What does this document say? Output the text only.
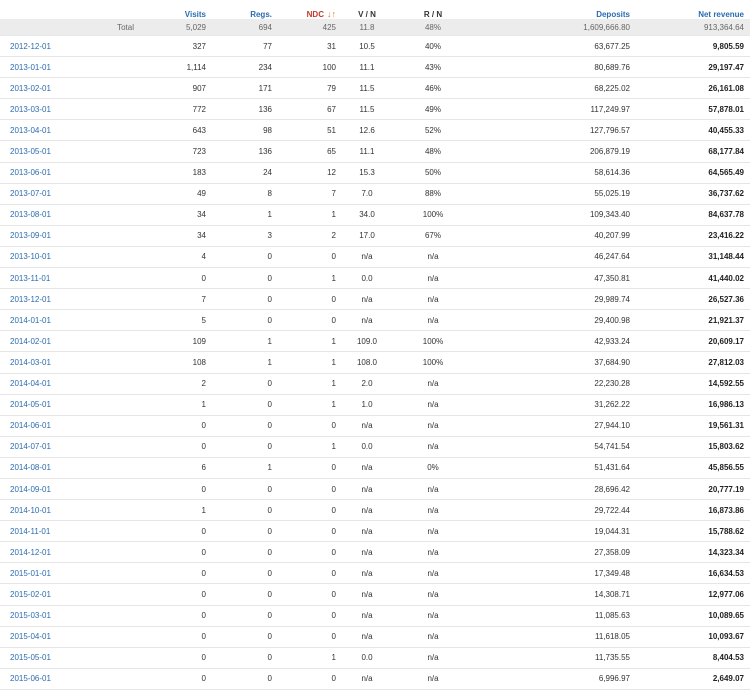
	Visits	Regs.	NDC ↓↑	V / N	R / N	Deposits	Net revenue
Total	5,029	694	425	11.8	48%	1,609,666.80	913,364.64
2012-12-01	327	77	31	10.5	40%	63,677.25	9,805.59
2013-01-01	1,114	234	100	11.1	43%	80,689.76	29,197.47
2013-02-01	907	171	79	11.5	46%	68,225.02	26,161.08
2013-03-01	772	136	67	11.5	49%	117,249.97	57,878.01
2013-04-01	643	98	51	12.6	52%	127,796.57	40,455.33
2013-05-01	723	136	65	11.1	48%	206,879.19	68,177.84
2013-06-01	183	24	12	15.3	50%	58,614.36	64,565.49
2013-07-01	49	8	7	7.0	88%	55,025.19	36,737.62
2013-08-01	34	1	1	34.0	100%	109,343.40	84,637.78
2013-09-01	34	3	2	17.0	67%	40,207.99	23,416.22
2013-10-01	4	0	0	n/a	n/a	46,247.64	31,148.44
2013-11-01	0	0	1	0.0	n/a	47,350.81	41,440.02
2013-12-01	7	0	0	n/a	n/a	29,989.74	26,527.36
2014-01-01	5	0	0	n/a	n/a	29,400.98	21,921.37
2014-02-01	109	1	1	109.0	100%	42,933.24	20,609.17
2014-03-01	108	1	1	108.0	100%	37,684.90	27,812.03
2014-04-01	2	0	1	2.0	n/a	22,230.28	14,592.55
2014-05-01	1	0	1	1.0	n/a	31,262.22	16,986.13
2014-06-01	0	0	0	n/a	n/a	27,944.10	19,561.31
2014-07-01	0	0	1	0.0	n/a	54,741.54	15,803.62
2014-08-01	6	1	0	n/a	0%	51,431.64	45,856.55
2014-09-01	0	0	0	n/a	n/a	28,696.42	20,777.19
2014-10-01	1	0	0	n/a	n/a	29,722.44	16,873.86
2014-11-01	0	0	0	n/a	n/a	19,044.31	15,788.62
2014-12-01	0	0	0	n/a	n/a	27,358.09	14,323.34
2015-01-01	0	0	0	n/a	n/a	17,349.48	16,634.53
2015-02-01	0	0	0	n/a	n/a	14,308.71	12,977.06
2015-03-01	0	0	0	n/a	n/a	11,085.63	10,089.65
2015-04-01	0	0	0	n/a	n/a	11,618.05	10,093.67
2015-05-01	0	0	1	0.0	n/a	11,735.55	8,404.53
2015-06-01	0	0	0	n/a	n/a	6,996.97	2,649.07
